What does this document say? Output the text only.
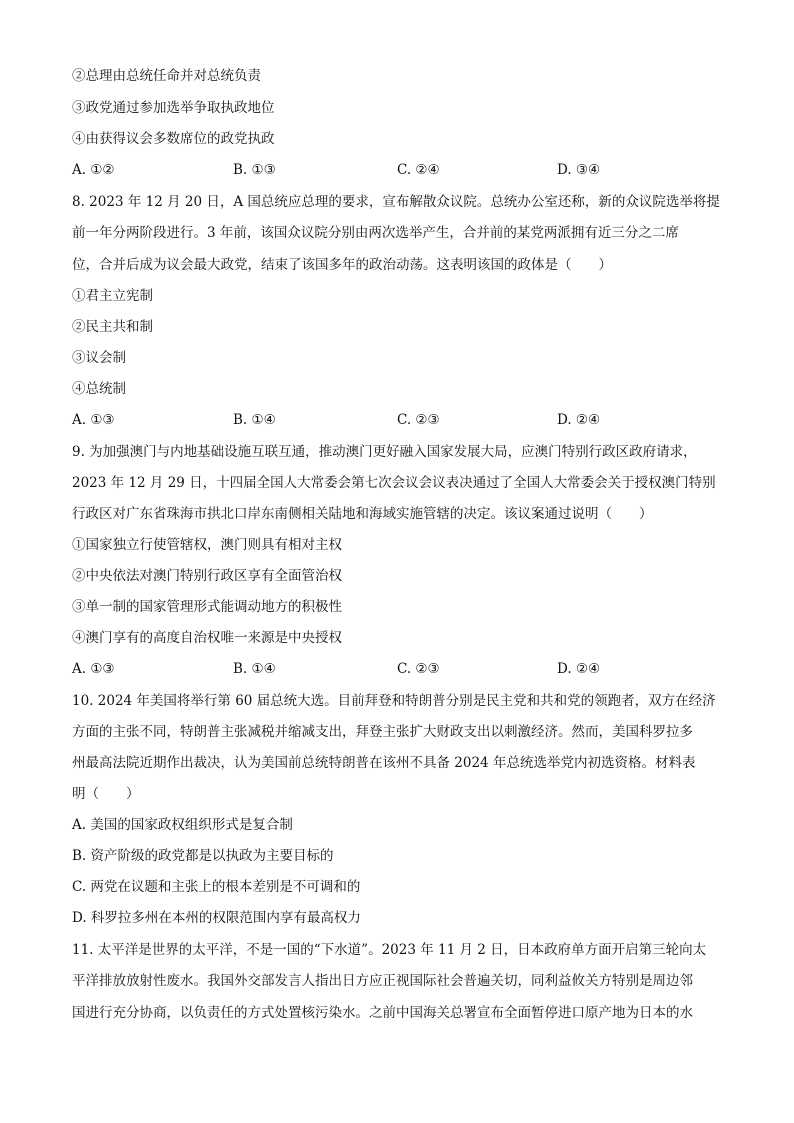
②总理由总统任命并对总统负责
③政党通过参加选举争取执政地位
④由获得议会多数席位的政党执政
A. ①②	B. ①③	C. ②④	D. ③④
8. 2023 年 12 月 20 日，A 国总统应总理的要求，宣布解散众议院。总统办公室还称，新的众议院选举将提
前一年分两阶段进行。3 年前，该国众议院分别由两次选举产生，合并前的某党两派拥有近三分之二席
位，合并后成为议会最大政党，结束了该国多年的政治动荡。这表明该国的政体是（　　）
①君主立宪制
②民主共和制
③议会制
④总统制
A. ①③	B. ①④	C. ②③	D. ②④
9. 为加强澳门与内地基础设施互联互通，推动澳门更好融入国家发展大局，应澳门特别行政区政府请求，
2023 年 12 月 29 日，十四届全国人大常委会第七次会议会议表决通过了全国人大常委会关于授权澳门特别
行政区对广东省珠海市拱北口岸东南侧相关陆地和海域实施管辖的决定。该议案通过说明（　　）
①国家独立行使管辖权，澳门则具有相对主权
②中央依法对澳门特别行政区享有全面管治权
③单一制的国家管理形式能调动地方的积极性
④澳门享有的高度自治权唯一来源是中央授权
A. ①③	B. ①④	C. ②③	D. ②④
10. 2024 年美国将举行第 60 届总统大选。目前拜登和特朗普分别是民主党和共和党的领跑者，双方在经济
方面的主张不同，特朗普主张减税并缩减支出，拜登主张扩大财政支出以刺激经济。然而，美国科罗拉多
州最高法院近期作出裁决，认为美国前总统特朗普在该州不具备 2024 年总统选举党内初选资格。材料表
明（　　）
A. 美国的国家政权组织形式是复合制
B. 资产阶级的政党都是以执政为主要目标的
C. 两党在议题和主张上的根本差别是不可调和的
D. 科罗拉多州在本州的权限范围内享有最高权力
11. 太平洋是世界的太平洋，不是一国的“下水道”。2023 年 11 月 2 日，日本政府单方面开启第三轮向太
平洋排放放射性废水。我国外交部发言人指出日方应正视国际社会普遍关切，同利益攸关方特别是周边邻
国进行充分协商，以负责任的方式处置核污染水。之前中国海关总署宣布全面暂停进口原产地为日本的水
